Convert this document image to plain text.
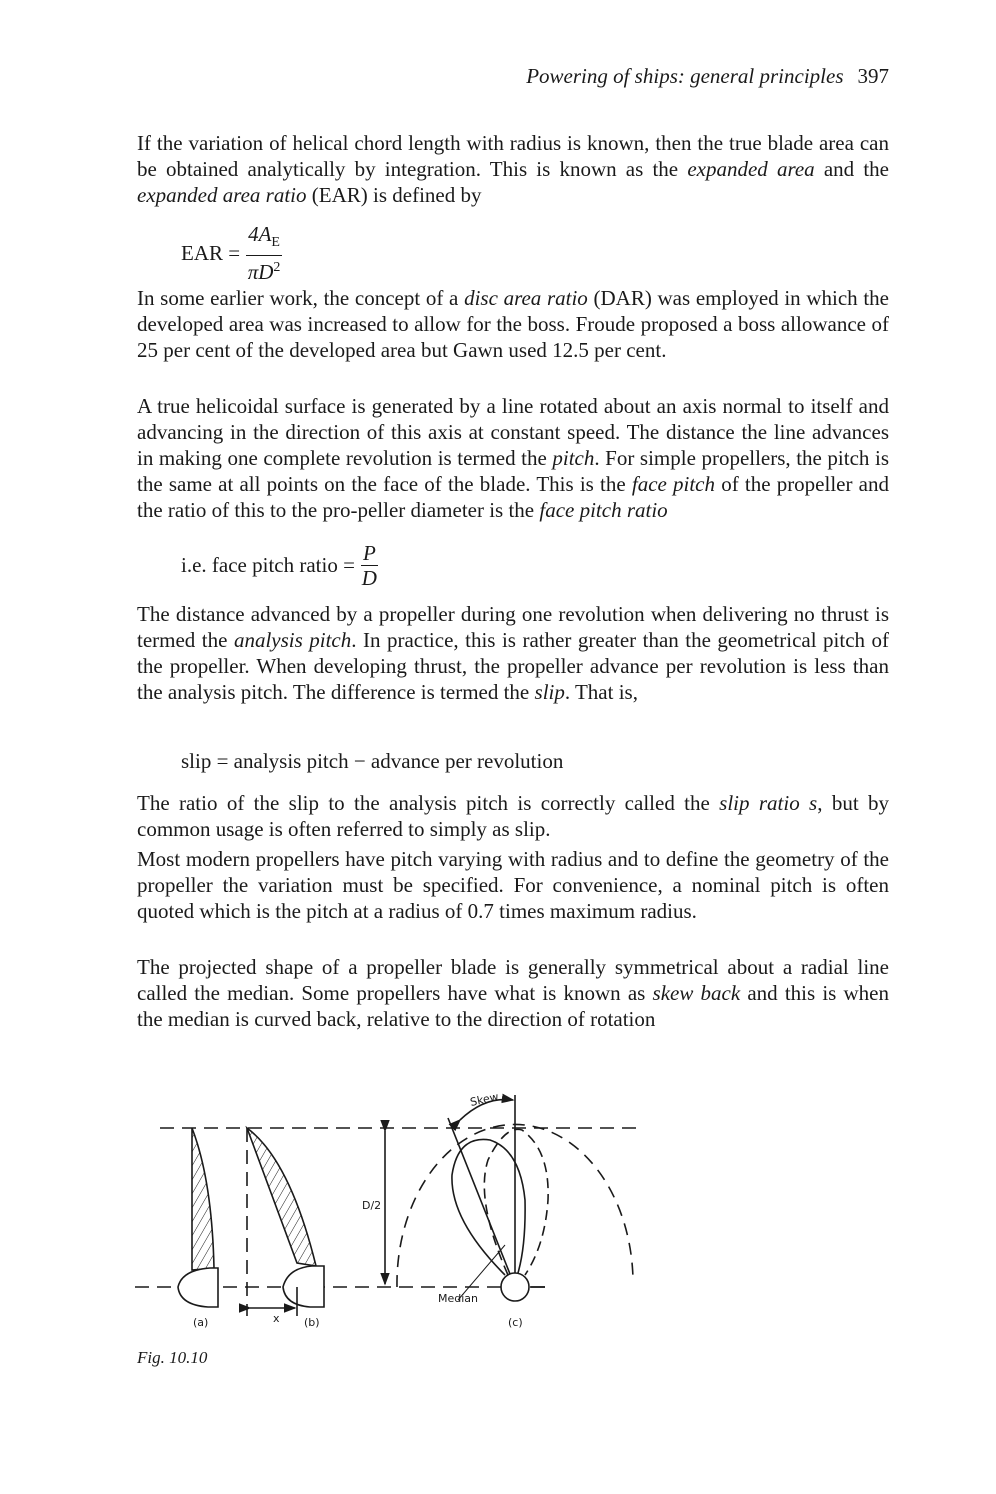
Powering of ships: general principles 397
If the variation of helical chord length with radius is known, then the true blade area can be obtained analytically by integration. This is known as the expanded area and the expanded area ratio (EAR) is defined by
EAR = $\frac{4A_E}{\pi D^2}$
In some earlier work, the concept of a disc area ratio (DAR) was employed in which the developed area was increased to allow for the boss. Froude proposed a boss allowance of 25 per cent of the developed area but Gawn used 12.5 per cent.
A true helicoidal surface is generated by a line rotated about an axis normal to itself and advancing in the direction of this axis at constant speed. The distance the line advances in making one complete revolution is termed the pitch. For simple propellers, the pitch is the same at all points on the face of the blade. This is the face pitch of the propeller and the ratio of this to the pro-peller diameter is the face pitch ratio
i.e. face pitch ratio = $\frac{P}{D}$
The distance advanced by a propeller during one revolution when delivering no thrust is termed the analysis pitch. In practice, this is rather greater than the geometrical pitch of the propeller. When developing thrust, the propeller advance per revolution is less than the analysis pitch. The difference is termed the slip. That is,
slip = analysis pitch − advance per revolution
The ratio of the slip to the analysis pitch is correctly called the slip ratio s, but by common usage is often referred to simply as slip.
Most modern propellers have pitch varying with radius and to define the geometry of the propeller the variation must be specified. For convenience, a nominal pitch is often quoted which is the pitch at a radius of 0.7 times maximum radius.
The projected shape of a propeller blade is generally symmetrical about a radial line called the median. Some propellers have what is known as skew back and this is when the median is curved back, relative to the direction of rotation
(a)	x (b)
D/2
Skew
Median
(c)
Fig. 10.10
